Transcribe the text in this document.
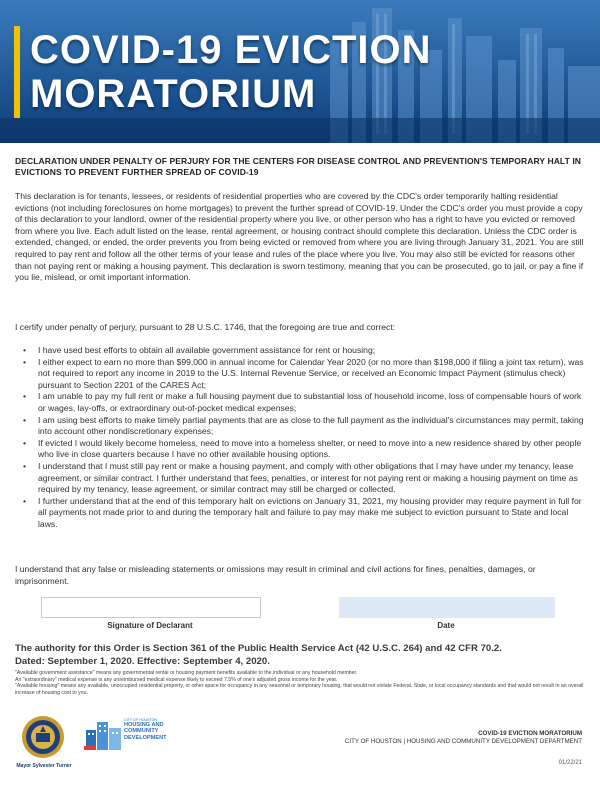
COVID-19 EVICTION
MORATORIUM
DECLARATION UNDER PENALTY OF PERJURY FOR THE CENTERS FOR DISEASE CONTROL AND PREVENTION'S TEMPORARY HALT IN EVICTIONS TO PREVENT FURTHER SPREAD OF COVID-19

This declaration is for tenants, lessees, or residents of residential properties who are covered by the CDC's order temporarily halting residential evictions (not including foreclosures on home mortgages) to prevent the further spread of COVID-19. Under the CDC's order you must provide a copy of this declaration to your landlord, owner of the residential property where you live, or other person who has a right to have you evicted or removed from where you live. Each adult listed on the lease, rental agreement, or housing contract should complete this declaration. Unless the CDC order is extended, changed, or ended, the order prevents you from being evicted or removed from where you are living through January 31, 2021. You are still required to pay rent and follow all the other terms of your lease and rules of the place where you live. You may also still be evicted for reasons other than not paying rent or making a housing payment. This declaration is sworn testimony, meaning that you can be prosecuted, go to jail, or pay a fine if you lie, mislead, or omit important information.

I certify under penalty of perjury, pursuant to 28 U.S.C. 1746, that the foregoing are true and correct:

• I have used best efforts to obtain all available government assistance for rent or housing;
• I either expect to earn no more than $99,000 in annual income for Calendar Year 2020 (or no more than $198,000 if filing a joint tax return), was not required to report any income in 2019 to the U.S. Internal Revenue Service, or received an Economic Impact Payment (stimulus check) pursuant to Section 2201 of the CARES Act;
• I am unable to pay my full rent or make a full housing payment due to substantial loss of household income, loss of compensable hours of work or wages, lay-offs, or extraordinary out-of-pocket medical expenses;
• I am using best efforts to make timely partial payments that are as close to the full payment as the individual's circumstances may permit, taking into account other nondiscretionary expenses;
• If evicted I would likely become homeless, need to move into a homeless shelter, or need to move into a new residence shared by other people who live in close quarters because I have no other available housing options.
• I understand that I must still pay rent or make a housing payment, and comply with other obligations that I may have under my tenancy, lease agreement, or similar contract. I further understand that fees, penalties, or interest for not paying rent or making a housing payment on time as required by my tenancy, lease agreement, or similar contract may still be charged or collected.
• I further understand that at the end of this temporary halt on evictions on January 31, 2021, my housing provider may require payment in full for all payments not made prior to and during the temporary halt and failure to pay may make me subject to eviction pursuant to State and local laws.

I understand that any false or misleading statements or omissions may result in criminal and civil actions for fines, penalties, damages, or imprisonment.

Signature of Declarant	Date

The authority for this Order is Section 361 of the Public Health Service Act (42 U.S.C. 264) and 42 CFR 70.2.
Dated: September 1, 2020. Effective: September 4, 2020.

"Available government assistance" means any governmental rental or housing payment benefits available to the individual or any household member.
An "extraordinary" medical expense is any unreimbursed medical expense likely to exceed 7.5% of one's adjusted gross income for the year.
"Available housing" means any available, unoccupied residential property, or other space for occupancy in any seasonal or temporary housing, that would not violate Federal, State, or local occupancy standards and that would not result in an overall increase of housing cost to you.
Mayor Sylvester Turner
CITY OF HOUSTON
HOUSING AND
COMMUNITY
DEVELOPMENT
COVID-19 EVICTION MORATORIUM
CITY OF HOUSTON | HOUSING AND COMMUNITY DEVELOPMENT DEPARTMENT
01/22/21
